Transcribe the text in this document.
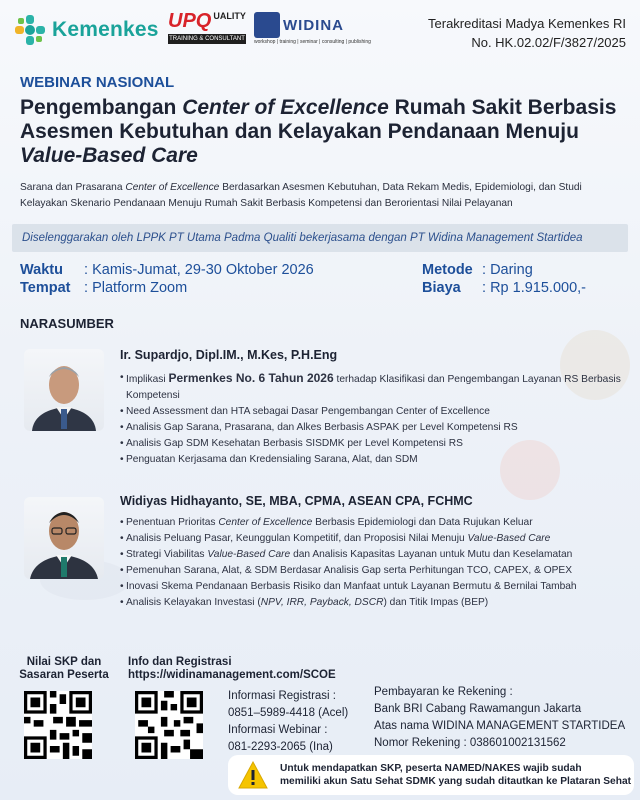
Kemenkes UPQ $^{UALITY}$
TRAINING & CONSULTANT
WIDINA
workshop | training | seminar | consulting | publishing
Terakreditasi Madya Kemenkes RI
No. HK.02.02/F/3827/2025
WEBINAR NASIONAL
Pengembangan Center of Excellence Rumah Sakit Berbasis Asesmen Kebutuhan dan Kelayakan Pendanaan Menuju Value-Based Care
Sarana dan Prasarana Center of Excellence Berdasarkan Asesmen Kebutuhan, Data Rekam Medis, Epidemiologi, dan Studi Kelayakan Skenario Pendanaan Menuju Rumah Sakit Berbasis Kompetensi dan Berorientasi Nilai Pelayanan
Diselenggarakan oleh LPPK PT Utama Padma Qualiti bekerjasama dengan PT Widina Management Startidea
Waktu : Kamis-Jumat, 29-30 Oktober 2026
Tempat : Platform Zoom
Metode : Daring
Biaya : Rp 1.915.000,-
NARASUMBER
Ir. Supardjo, Dipl.IM., M.Kes, P.H.Eng
• Implikasi Permenkes No. 6 Tahun 2026 terhadap Klasifikasi dan Pengembangan Layanan RS Berbasis Kompetensi
• Need Assessment dan HTA sebagai Dasar Pengembangan Center of Excellence
• Analisis Gap Sarana, Prasarana, dan Alkes Berbasis ASPAK per Level Kompetensi RS
• Analisis Gap SDM Kesehatan Berbasis SISDMK per Level Kompetensi RS
• Penguatan Kerjasama dan Kredensialing Sarana, Alat, dan SDM
Widiyas Hidhayanto, SE, MBA, CPMA, ASEAN CPA, FCHMC
• Penentuan Prioritas Center of Excellence Berbasis Epidemiologi dan Data Rujukan Keluar
• Analisis Peluang Pasar, Keunggulan Kompetitif, dan Proposisi Nilai Menuju Value-Based Care
• Strategi Viabilitas Value-Based Care dan Analisis Kapasitas Layanan untuk Mutu dan Keselamatan
• Pemenuhan Sarana, Alat, & SDM Berdasar Analisis Gap serta Perhitungan TCO, CAPEX, & OPEX
• Inovasi Skema Pendanaan Berbasis Risiko dan Manfaat untuk Layanan Bermutu & Bernilai Tambah
• Analisis Kelayakan Investasi (NPV, IRR, Payback, DSCR) dan Titik Impas (BEP)
Nilai SKP dan
Sasaran Peserta
Info dan Registrasi
https://widinamanagement.com/SCOE
Informasi Registrasi :
0851–5989-4418 (Acel)
Informasi Webinar :
081-2293-2065 (Ina)
Pembayaran ke Rekening :
Bank BRI Cabang Rawamangun Jakarta
Atas nama WIDINA MANAGEMENT STARTIDEA
Nomor Rekening : 038601002131562
Untuk mendapatkan SKP, peserta NAMED/NAKES wajib sudah
memiliki akun Satu Sehat SDMK yang sudah ditautkan ke Plataran Sehat
